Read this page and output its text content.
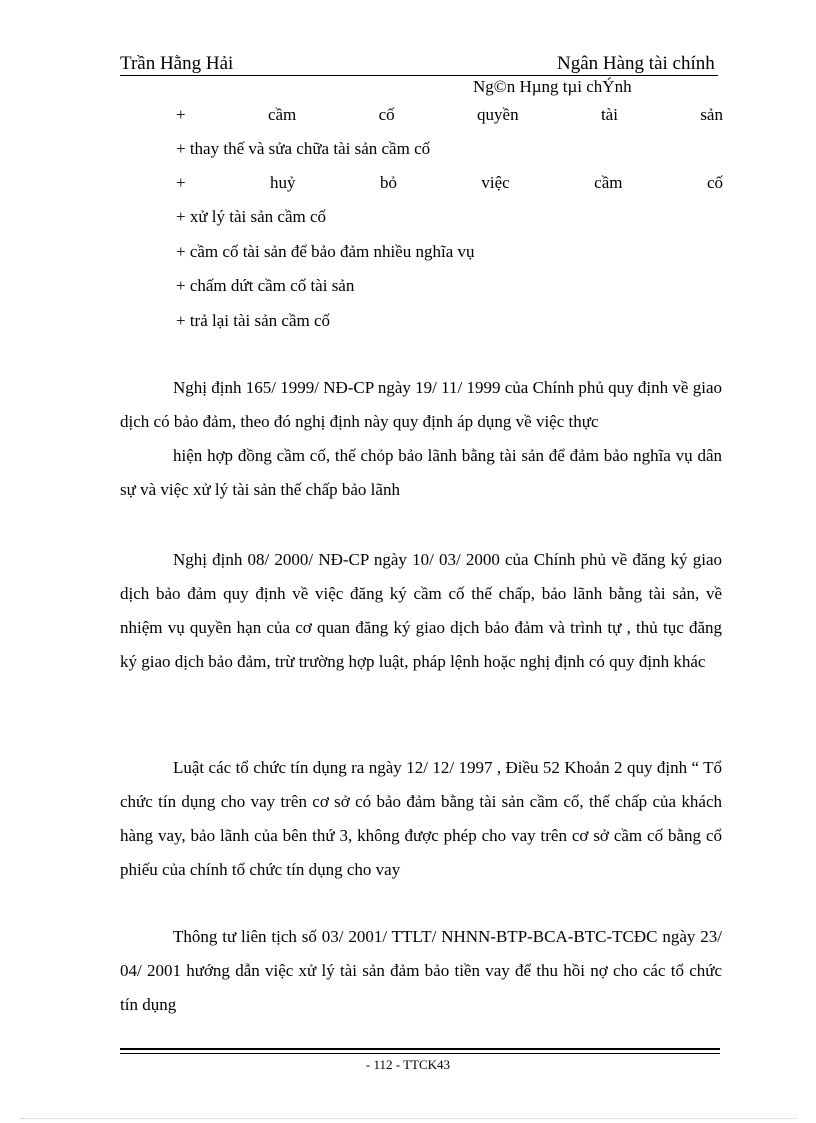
Trần Hằng Hải	Ngân Hàng tài chính
Ng©n Hµng tµi chÝnh
+	cầm	cố	quyền	tài	sản
+ thay thế và sửa chữa tài sản cầm cố
+	huỷ	bỏ	việc	cầm	cố
+ xử lý tài sản cầm cố
+ cầm cố tài sản để bảo đảm nhiều nghĩa vụ
+ chấm dứt cầm cố tài sản
+ trả lại tài sản cầm cố

Nghị định 165/ 1999/ NĐ-CP ngày 19/ 11/ 1999 của Chính phủ quy định về giao dịch có bảo đảm, theo đó nghị định này quy định áp dụng về việc thực

hiện hợp đồng cầm cố, thế chỏp bảo lãnh bằng tài sản để đảm bảo nghĩa vụ dân sự và việc xử lý tài sản thế chấp bảo lãnh

Nghị định 08/ 2000/ NĐ-CP ngày 10/ 03/ 2000 của Chính phủ về đăng ký giao dịch bảo đảm quy định về việc đăng ký cầm cố thế chấp, bảo lãnh bằng tài sản, về nhiệm vụ quyền hạn của cơ quan đăng ký giao dịch bảo đảm và trình tự , thủ tục đăng ký giao dịch bảo đảm, trừ trường hợp luật, pháp lệnh hoặc nghị định có quy định khác

Luật các tổ chức tín dụng ra ngày 12/ 12/ 1997 , Điều 52 Khoản 2 quy định “ Tổ chức tín dụng cho vay trên cơ sở có bảo đảm bằng tài sản cầm cố, thế chấp của khách hàng vay, bảo lãnh của bên thứ 3, không được phép cho vay trên cơ sở cầm cố bằng cổ phiếu của chính tổ chức tín dụng cho vay

Thông tư liên tịch số 03/ 2001/ TTLT/ NHNN-BTP-BCA-BTC-TCĐC ngày 23/ 04/ 2001 hướng dẫn việc xử lý tài sản đảm bảo tiền vay để thu hồi nợ cho các tổ chức tín dụng

- 112 - TTCK43
